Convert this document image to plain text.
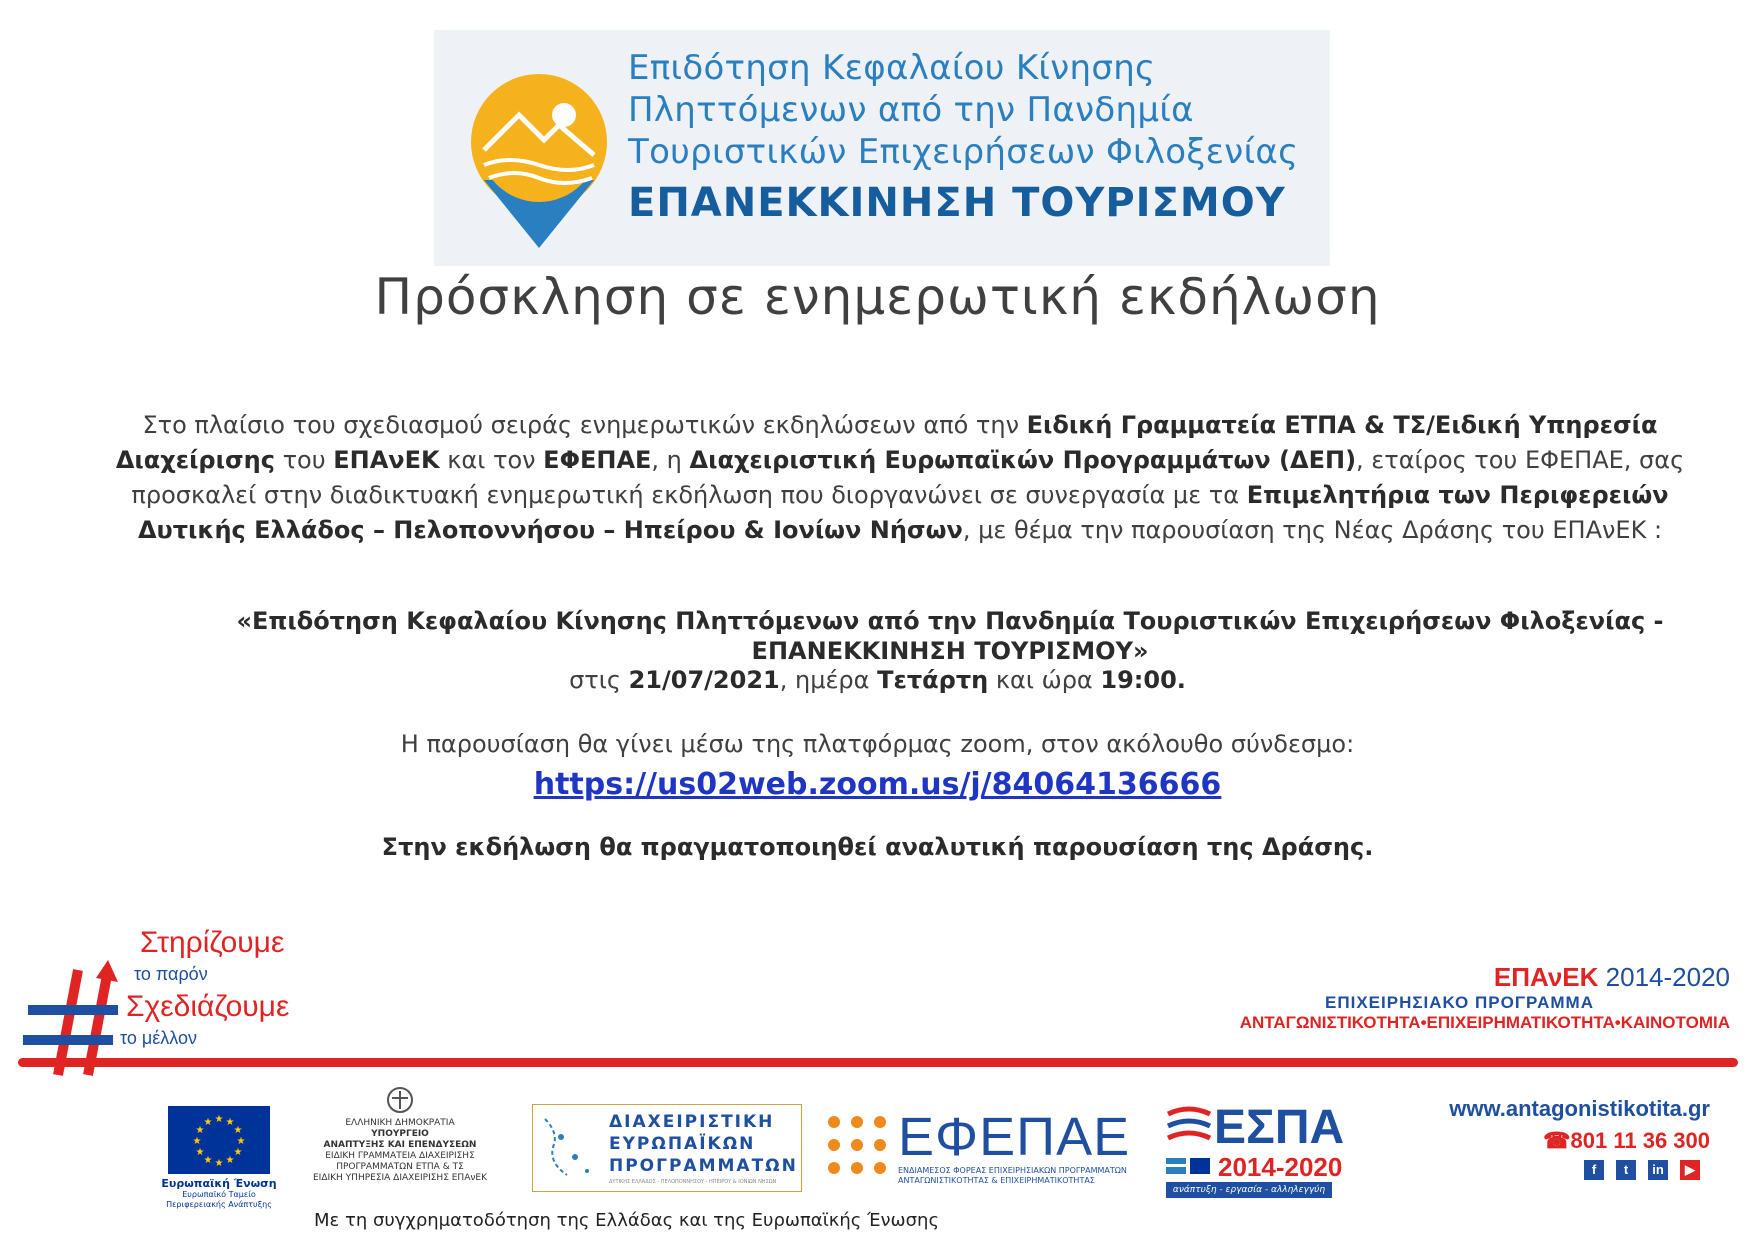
Επιδότηση Κεφαλαίου Κίνησης
Πληττόμενων από την Πανδημία
Τουριστικών Επιχειρήσεων Φιλοξενίας
ΕΠΑΝΕΚΚΙΝΗΣΗ ΤΟΥΡΙΣΜΟΥ
Πρόσκληση σε ενημερωτική εκδήλωση
Στο πλαίσιο του σχεδιασμού σειράς ενημερωτικών εκδηλώσεων από την Ειδική Γραμματεία ΕΤΠΑ & ΤΣ/Ειδική Υπηρεσία Διαχείρισης του ΕΠΑνΕΚ και τον ΕΦΕΠΑΕ, η Διαχειριστική Ευρωπαϊκών Προγραμμάτων (ΔΕΠ), εταίρος του ΕΦΕΠΑΕ, σας προσκαλεί στην διαδικτυακή ενημερωτική εκδήλωση που διοργανώνει σε συνεργασία με τα Επιμελητήρια των Περιφερειών Δυτικής Ελλάδος – Πελοποννήσου – Ηπείρου & Ιονίων Νήσων, με θέμα την παρουσίαση της Νέας Δράσης του ΕΠΑνΕΚ :
«Επιδότηση Κεφαλαίου Κίνησης Πληττόμενων από την Πανδημία Τουριστικών Επιχειρήσεων Φιλοξενίας - ΕΠΑΝΕΚΚΙΝΗΣΗ ΤΟΥΡΙΣΜΟΥ»
στις 21/07/2021, ημέρα Τετάρτη και ώρα 19:00.
Η παρουσίαση θα γίνει μέσω της πλατφόρμας zoom, στον ακόλουθο σύνδεσμο:
https://us02web.zoom.us/j/84064136666
Στην εκδήλωση θα πραγματοποιηθεί αναλυτική παρουσίαση της Δράσης.
Στηρίζουμε
το παρόν
Σχεδιάζουμε
το μέλλον
ΕΠΑνΕΚ 2014-2020
ΕΠΙΧΕΙΡΗΣΙΑΚΟ ΠΡΟΓΡΑΜΜΑ
ΑΝΤΑΓΩΝΙΣΤΙΚΟΤΗΤΑ•ΕΠΙΧΕΙΡΗΜΑΤΙΚΟΤΗΤΑ•ΚΑΙΝΟΤΟΜΙΑ
★ ★
★
★
★
★
★
★
★
★
★
★
Ευρωπαϊκή Ένωση
Ευρωπαϊκό Ταμείο
Περιφερειακής Ανάπτυξης
ΕΛΛΗΝΙΚΗ ΔΗΜΟΚΡΑΤΙΑ
ΥΠΟΥΡΓΕΙΟ
ΑΝΑΠΤΥΞΗΣ ΚΑΙ ΕΠΕΝΔΥΣΕΩΝ
ΕΙΔΙΚΗ ΓΡΑΜΜΑΤΕΙΑ ΔΙΑΧΕΙΡΙΣΗΣ
ΠΡΟΓΡΑΜΜΑΤΩΝ ΕΤΠΑ & ΤΣ
ΕΙΔΙΚΗ ΥΠΗΡΕΣΙΑ ΔΙΑΧΕΙΡΙΣΗΣ ΕΠΑνΕΚ
ΔΙΑΧΕΙΡΙΣΤΙΚΗ
ΕΥΡΩΠΑΪΚΩΝ
ΠΡΟΓΡΑΜΜΑΤΩΝ
ΔΥΤΙΚΗΣ ΕΛΛΑΔΟΣ - ΠΕΛΟΠΟΝΝΗΣΟΥ - ΗΠΕΙΡΟΥ & ΙΟΝΙΩΝ ΝΗΣΩΝ
ΕΦΕΠΑΕ
ΕΝΔΙΑΜΕΣΟΣ ΦΟΡΕΑΣ ΕΠΙΧΕΙΡΗΣΙΑΚΩΝ ΠΡΟΓΡΑΜΜΑΤΩΝ
ΑΝΤΑΓΩΝΙΣΤΙΚΟΤΗΤΑΣ & ΕΠΙΧΕΙΡΗΜΑΤΙΚΟΤΗΤΑΣ
ΕΣΠΑ
2014-2020
ανάπτυξη - εργασία - αλληλεγγύη
www.antagonistikotita.gr
☎801 11 36 300
f	t	in	▶
Με τη συγχρηματοδότηση της Ελλάδας και της Ευρωπαϊκής Ένωσης
